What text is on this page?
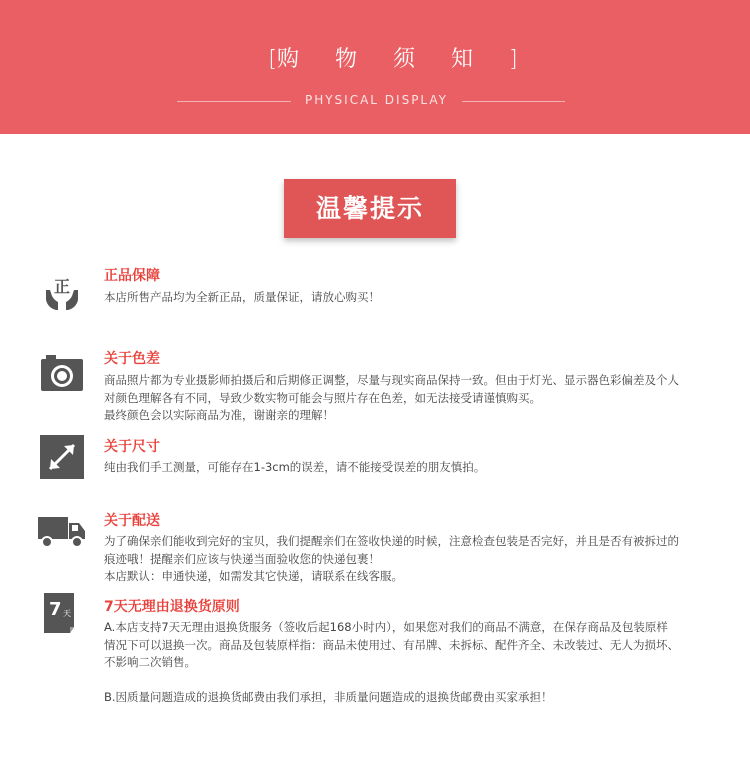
[购物须知]
PHYSICAL DISPLAY
温馨提示
正
正品保障

本店所售产品均为全新正品，质量保证，请放心购买！

关于色差

商品照片都为专业摄影师拍摄后和后期修正调整，尽量与现实商品保持一致。但由于灯光、显示器色彩偏差及个人

对颜色理解各有不同，导致少数实物可能会与照片存在色差，如无法接受请谨慎购买。

最终颜色会以实际商品为准，谢谢亲的理解！

关于尺寸

纯由我们手工测量，可能存在1-3cm的误差，请不能接受误差的朋友慎拍。

关于配送

为了确保亲们能收到完好的宝贝，我们提醒亲们在签收快递的时候，注意检查包装是否完好，并且是否有被拆过的

痕迹哦！提醒亲们应该与快递当面验收您的快递包裹！

本店默认：申通快递，如需发其它快递，请联系在线客服。

7 天 7天无理由退换货原则

A.本店支持7天无理由退换货服务（签收后起168小时内），如果您对我们的商品不满意，在保存商品及包装原样

情况下可以退换一次。商品及包装原样指：商品未使用过、有吊牌、未拆标、配件齐全、未改装过、无人为损坏、

不影响二次销售。

B.因质量问题造成的退换货邮费由我们承担，非质量问题造成的退换货邮费由买家承担！
